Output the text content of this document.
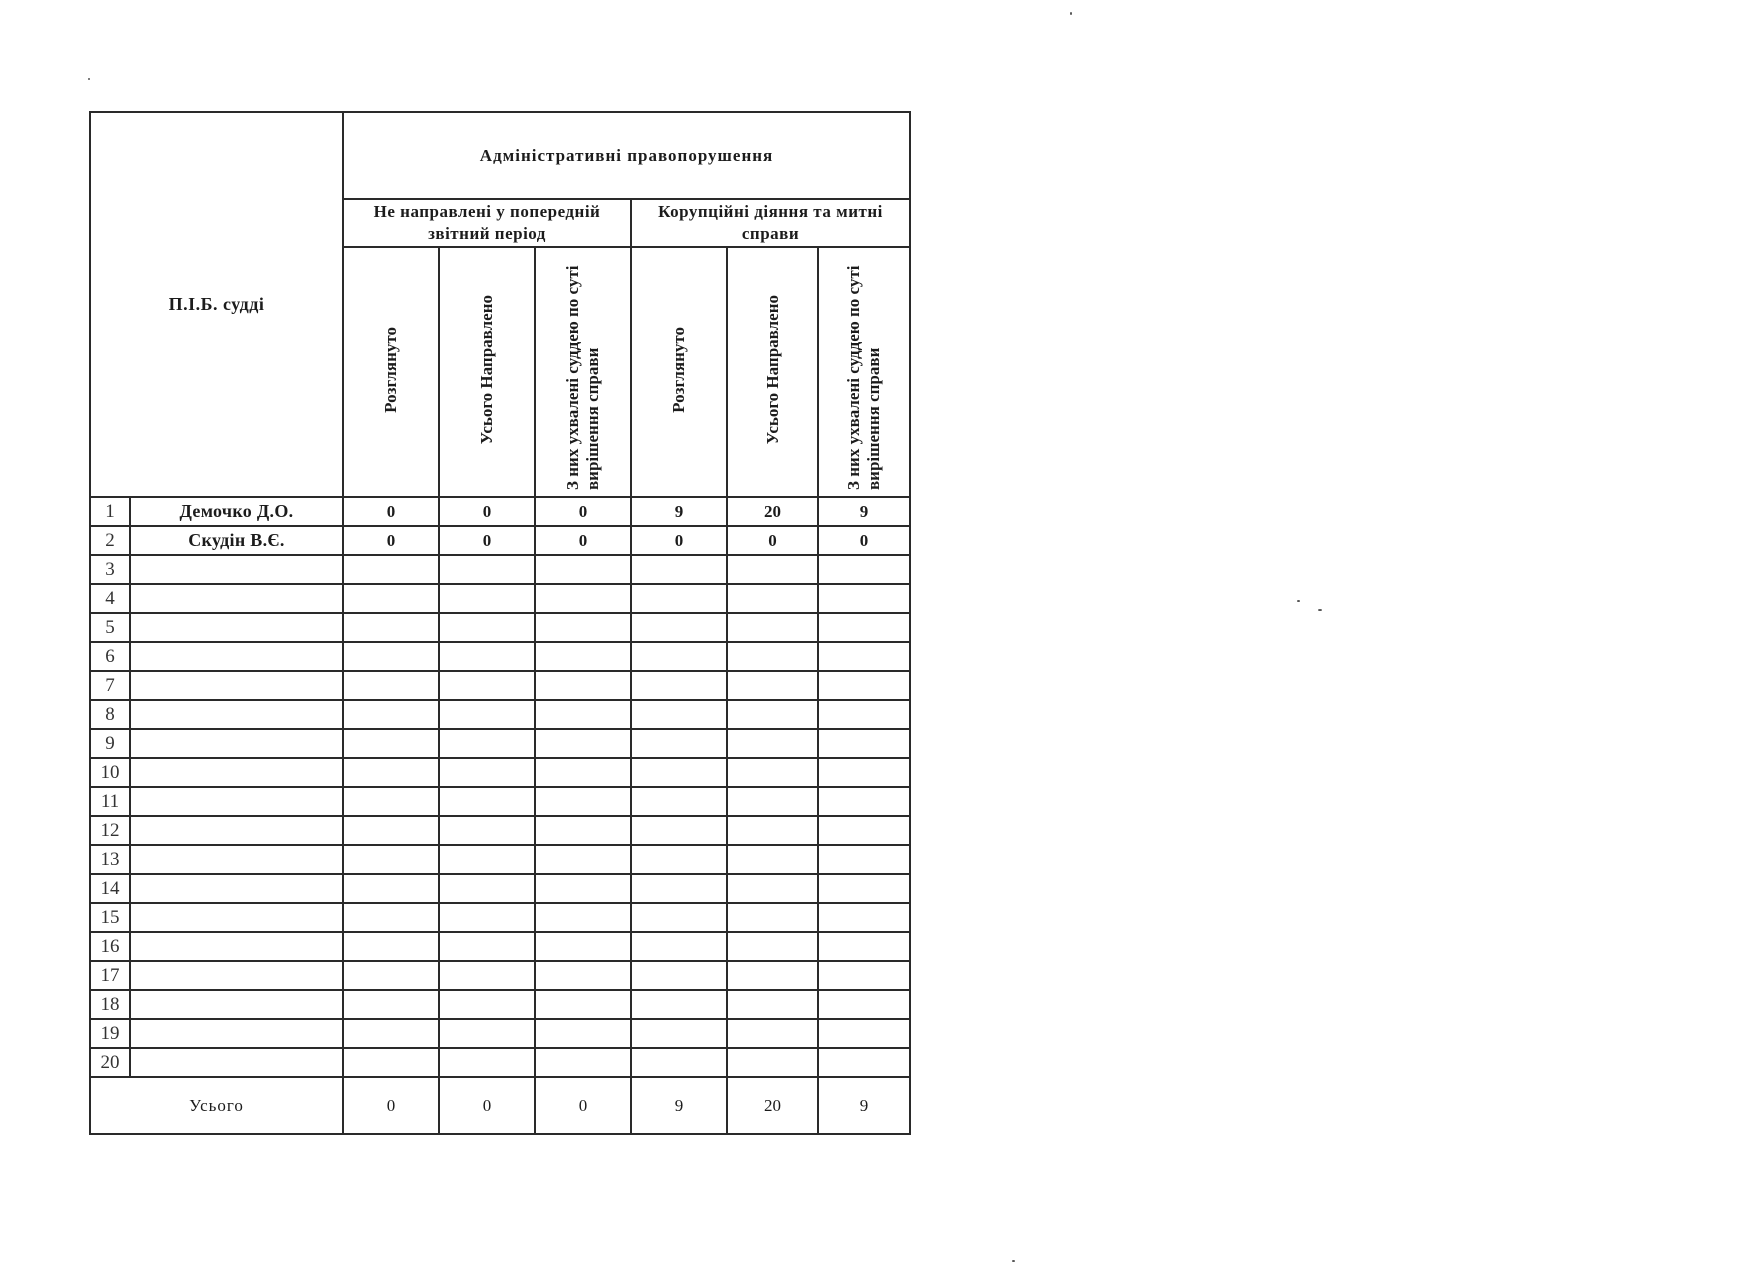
П.І.Б. судді		Адміністративні правопорушення					
		Не направлені у попередній звітний період			Корупційні діяння та митні справи		
		Розглянуто	Усього Направлено	З них ухвалені суддею по суті вирішення справи	Розглянуто	Усього Направлено	З них ухвалені суддею по суті вирішення справи
1	Демочко Д.О.	0	0	0	9	20	9
2	Скудін В.Є.	0	0	0	0	0	0
3							
4							
5							
6							
7							
8							
9							
10							
11							
12							
13							
14							
15							
16							
17							
18							
19							
20							
Усього		0	0	0	9	20	9
